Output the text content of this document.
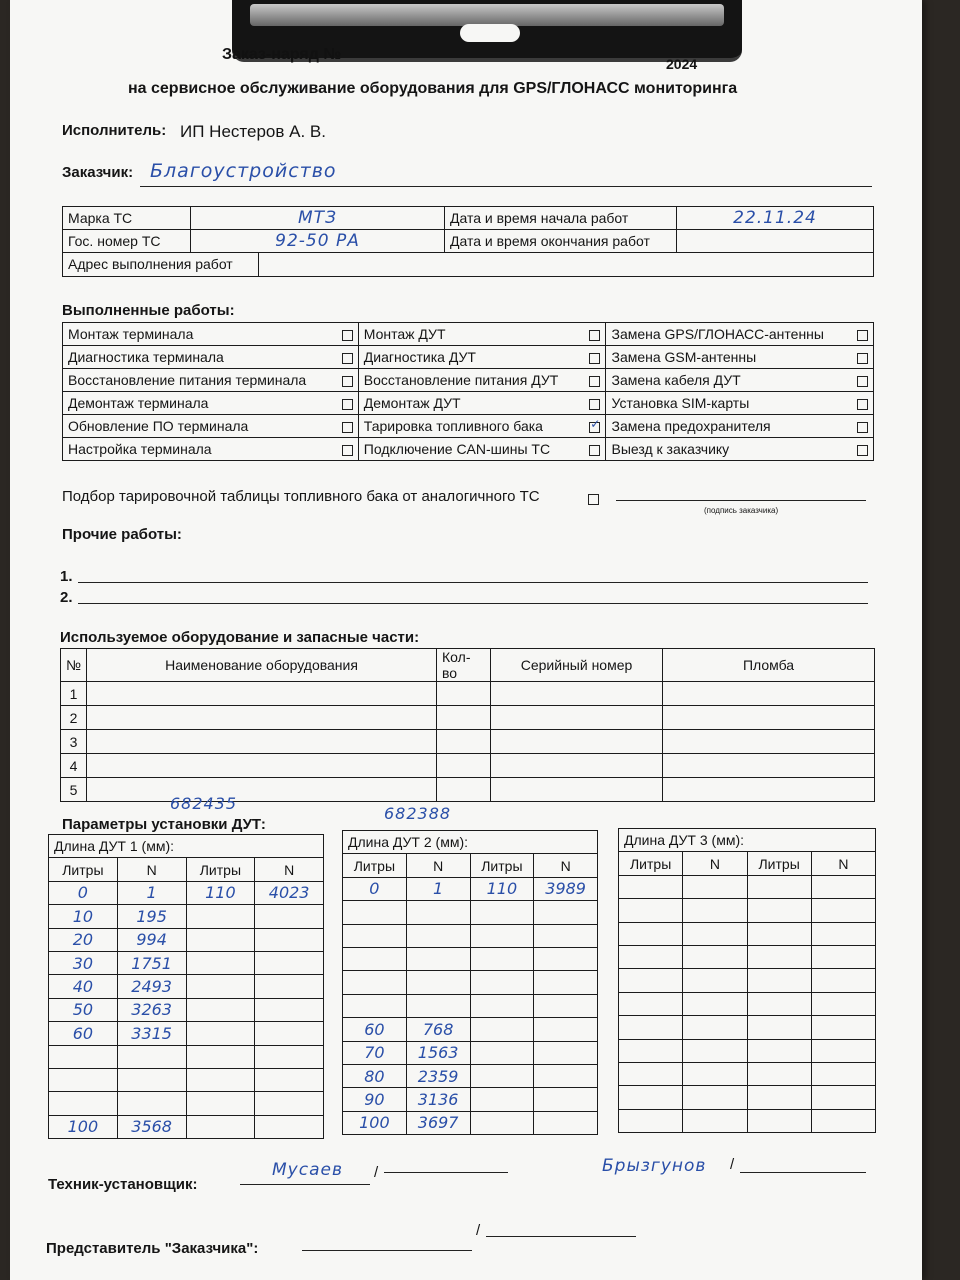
Заказ-наряд №
2024
на сервисное обслуживание оборудования для GPS/ГЛОНАСС мониторинга
Исполнитель: ИП Нестеров А. В.
Заказчик: Благоустройство
Марка ТС	МТЗ	Дата и время начала работ	22.11.24
Гос. номер ТС	92-50 РА	Дата и время окончания работ	
Адрес выполнения работ			
Выполненные работы:
Монтаж терминала		Монтаж ДУТ		Замена GPS/ГЛОНАСС-антенны	
Диагностика терминала		Диагностика ДУТ		Замена GSM-антенны	
Восстановление питания терминала		Восстановление питания ДУТ		Замена кабеля ДУТ	
Демонтаж терминала		Демонтаж ДУТ		Установка SIM-карты	
Обновление ПО терминала		Тарировка топливного бака	✓	Замена предохранителя	
Настройка терминала		Подключение CAN-шины ТС		Выезд к заказчику	
Подбор тарировочной таблицы топливного бака от аналогичного ТС
(подпись заказчика)
Прочие работы:
1.
2.
Используемое оборудование и запасные части:
№	Наименование оборудования	Кол-во	Серийный номер	Пломба
1				
2				
3				
4				
5				
682435
682388
Параметры установки ДУТ:
Длина ДУТ 1 (мм):			
Литры	N	Литры	N
0	1	110	4023
10	195		
20	994		
30	1751		
40	2493		
50	3263		
60	3315		

100	3568		
Длина ДУТ 2 (мм):			
Литры	N	Литры	N
0	1	110	3989

60	768		
70	1563		
80	2359		
90	3136		
100	3697		
Длина ДУТ 3 (мм):			
Литры	N	Литры	N

Техник-установщик:
Мусаев /	Брызгунов /
Представитель "Заказчика":
/
